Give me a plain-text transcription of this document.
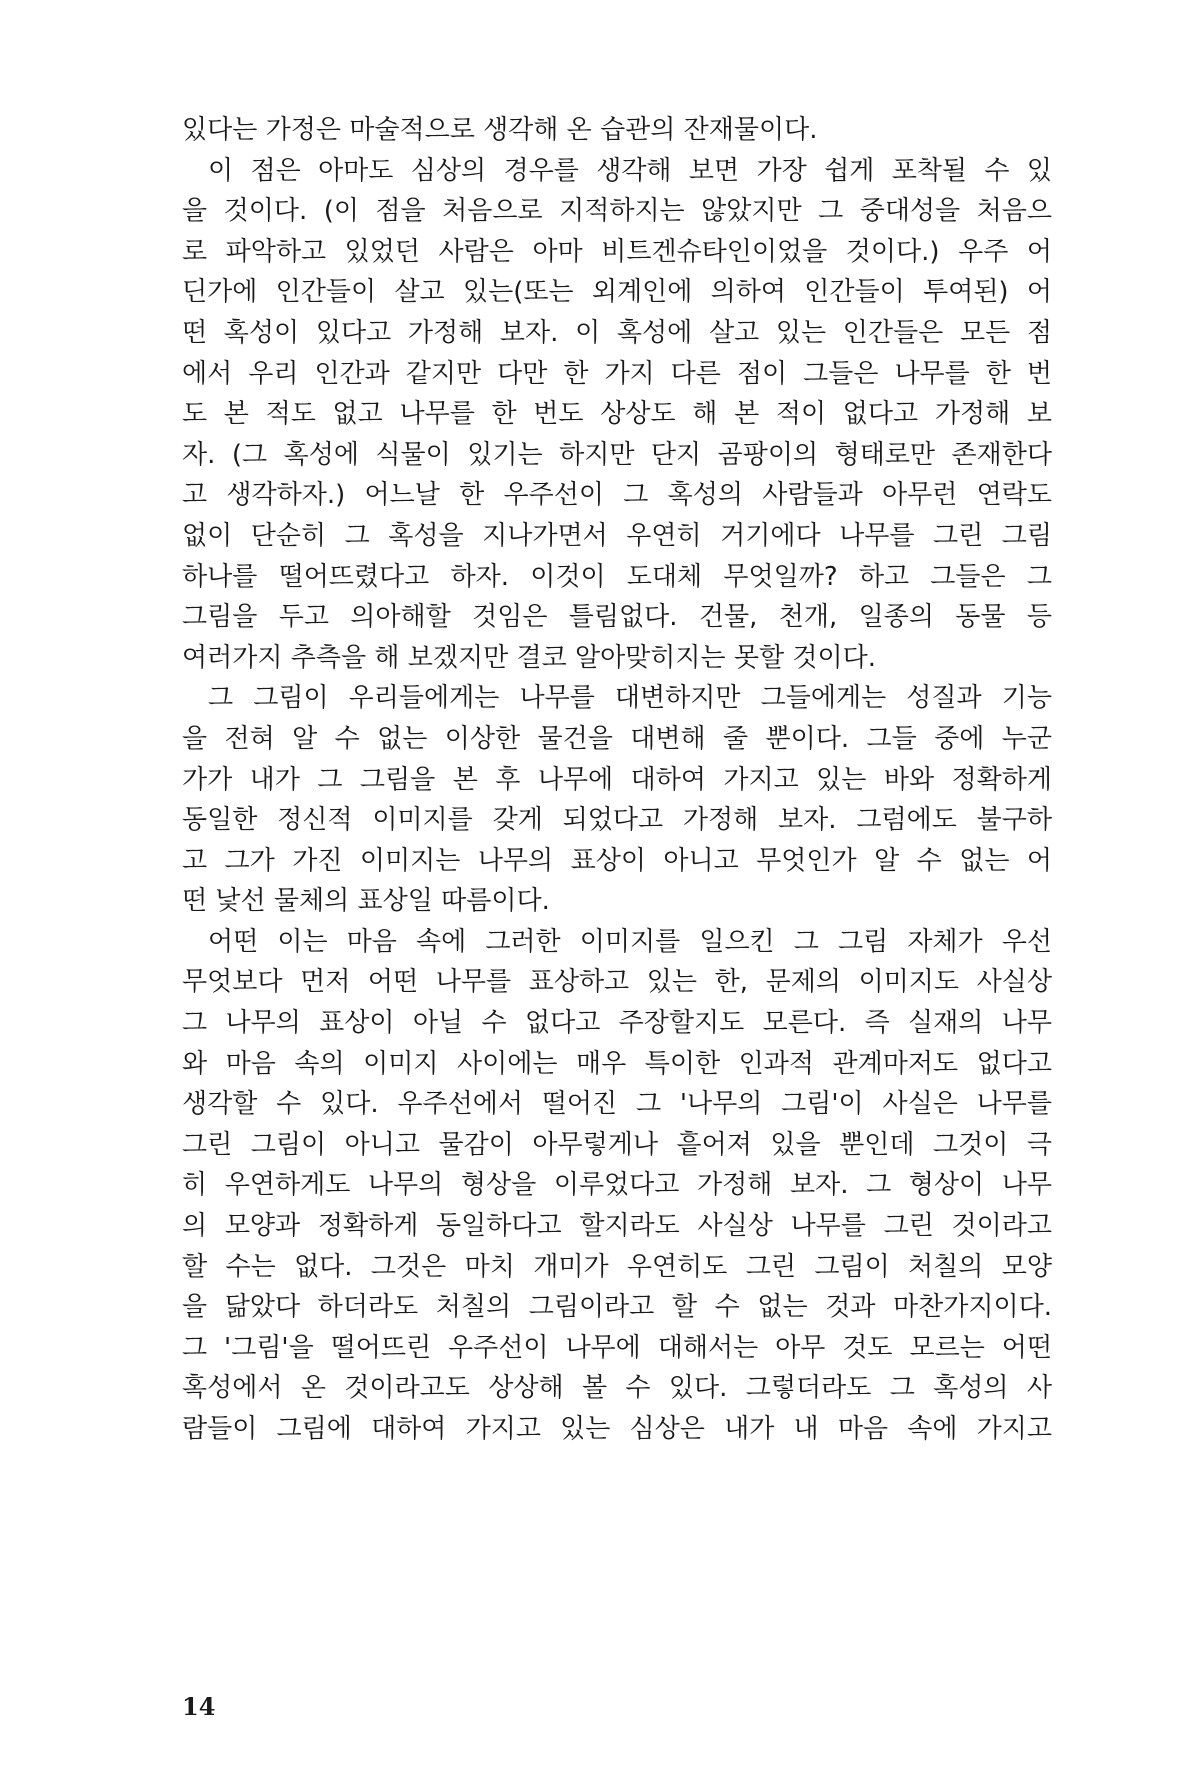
있다는 가정은 마술적으로 생각해 온 습관의 잔재물이다.
이 점은 아마도 심상의 경우를 생각해 보면 가장 쉽게 포착될 수 있
을 것이다. (이 점을 처음으로 지적하지는 않았지만 그 중대성을 처음으
로 파악하고 있었던 사람은 아마 비트겐슈타인이었을 것이다.) 우주 어
딘가에 인간들이 살고 있는(또는 외계인에 의하여 인간들이 투여된) 어
떤 혹성이 있다고 가정해 보자. 이 혹성에 살고 있는 인간들은 모든 점
에서 우리 인간과 같지만 다만 한 가지 다른 점이 그들은 나무를 한 번
도 본 적도 없고 나무를 한 번도 상상도 해 본 적이 없다고 가정해 보
자. (그 혹성에 식물이 있기는 하지만 단지 곰팡이의 형태로만 존재한다
고 생각하자.) 어느날 한 우주선이 그 혹성의 사람들과 아무런 연락도
없이 단순히 그 혹성을 지나가면서 우연히 거기에다 나무를 그린 그림
하나를 떨어뜨렸다고 하자. 이것이 도대체 무엇일까? 하고 그들은 그
그림을 두고 의아해할 것임은 틀림없다. 건물, 천개, 일종의 동물 등
여러가지 추측을 해 보겠지만 결코 알아맞히지는 못할 것이다.
그 그림이 우리들에게는 나무를 대변하지만 그들에게는 성질과 기능
을 전혀 알 수 없는 이상한 물건을 대변해 줄 뿐이다. 그들 중에 누군
가가 내가 그 그림을 본 후 나무에 대하여 가지고 있는 바와 정확하게
동일한 정신적 이미지를 갖게 되었다고 가정해 보자. 그럼에도 불구하
고 그가 가진 이미지는 나무의 표상이 아니고 무엇인가 알 수 없는 어
떤 낯선 물체의 표상일 따름이다.
어떤 이는 마음 속에 그러한 이미지를 일으킨 그 그림 자체가 우선
무엇보다 먼저 어떤 나무를 표상하고 있는 한, 문제의 이미지도 사실상
그 나무의 표상이 아닐 수 없다고 주장할지도 모른다. 즉 실재의 나무
와 마음 속의 이미지 사이에는 매우 특이한 인과적 관계마저도 없다고
생각할 수 있다. 우주선에서 떨어진 그 '나무의 그림'이 사실은 나무를
그린 그림이 아니고 물감이 아무렇게나 흩어져 있을 뿐인데 그것이 극
히 우연하게도 나무의 형상을 이루었다고 가정해 보자. 그 형상이 나무
의 모양과 정확하게 동일하다고 할지라도 사실상 나무를 그린 것이라고
할 수는 없다. 그것은 마치 개미가 우연히도 그린 그림이 처칠의 모양
을 닮았다 하더라도 처칠의 그림이라고 할 수 없는 것과 마찬가지이다.
그 '그림'을 떨어뜨린 우주선이 나무에 대해서는 아무 것도 모르는 어떤
혹성에서 온 것이라고도 상상해 볼 수 있다. 그렇더라도 그 혹성의 사
람들이 그림에 대하여 가지고 있는 심상은 내가 내 마음 속에 가지고
14
